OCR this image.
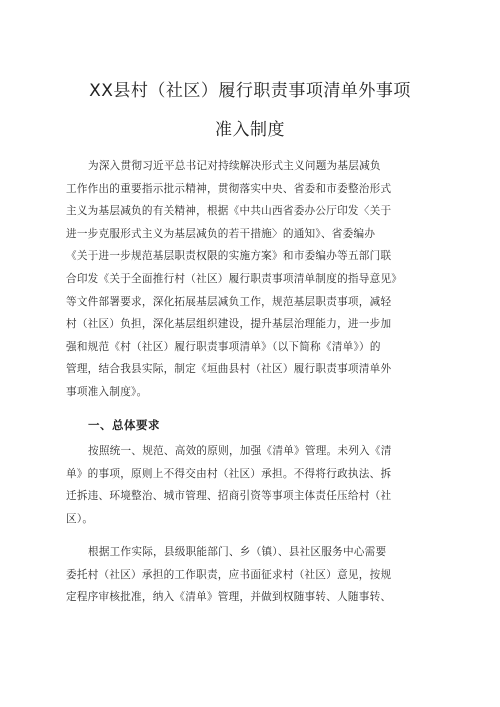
XX县村（社区）履行职责事项清单外事项
准入制度
为深入贯彻习近平总书记对持续解决形式主义问题为基层减负
工作作出的重要指示批示精神，贯彻落实中央、省委和市委整治形式
主义为基层减负的有关精神，根据《中共山西省委办公厅印发〈关于
进一步克服形式主义为基层减负的若干措施〉的通知》、省委编办
《关于进一步规范基层职责权限的实施方案》和市委编办等五部门联
合印发《关于全面推行村（社区）履行职责事项清单制度的指导意见》
等文件部署要求，深化拓展基层减负工作，规范基层职责事项，减轻
村（社区）负担，深化基层组织建设，提升基层治理能力，进一步加
强和规范《村（社区）履行职责事项清单》（以下简称《清单》）的
管理，结合我县实际，制定《垣曲县村（社区）履行职责事项清单外
事项准入制度》。
一、总体要求
按照统一、规范、高效的原则，加强《清单》管理。未列入《清
单》的事项，原则上不得交由村（社区）承担。不得将行政执法、拆
迁拆违、环境整治、城市管理、招商引资等事项主体责任压给村（社
区）。
根据工作实际，县级职能部门、乡（镇）、县社区服务中心需要
委托村（社区）承担的工作职责，应书面征求村（社区）意见，按规
定程序审核批准，纳入《清单》管理，并做到权随事转、人随事转、
